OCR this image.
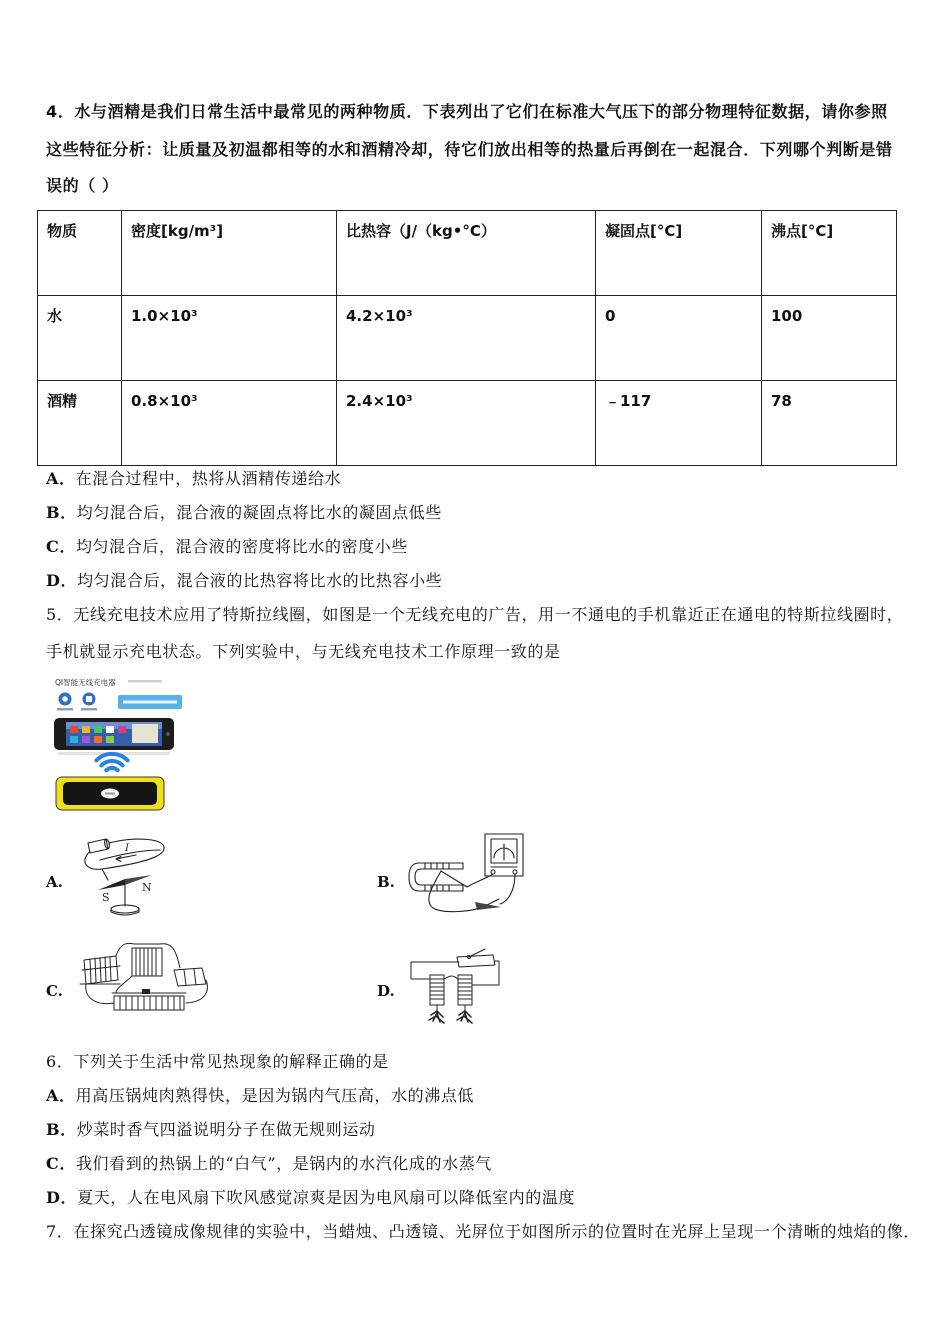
4．水与酒精是我们日常生活中最常见的两种物质．下表列出了它们在标准大气压下的部分物理特征数据，请你参照
这些特征分析：让质量及初温都相等的水和酒精冷却，待它们放出相等的热量后再倒在一起混合．下列哪个判断是错
误的（ ）
物质	密度[kg/m³]	比热容（J/（kg•°C）	凝固点[°C]	沸点[°C]
水	1.0×10³	4.2×10³	0	100
酒精	0.8×10³	2.4×10³	﹣117	78
A．在混合过程中，热将从酒精传递给水
B．均匀混合后，混合液的凝固点将比水的凝固点低些
C．均匀混合后，混合液的密度将比水的密度小些
D．均匀混合后，混合液的比热容将比水的比热容小些
5．无线充电技术应用了特斯拉线圈，如图是一个无线充电的广告，用一不通电的手机靠近正在通电的特斯拉线圈时，
手机就显示充电状态。下列实验中，与无线充电技术工作原理一致的是
QI智能无线充电器
A.
I
S
N	B.
C.	D.
6．下列关于生活中常见热现象的解释正确的是
A．用高压锅炖肉熟得快，是因为锅内气压高，水的沸点低
B．炒菜时香气四溢说明分子在做无规则运动
C．我们看到的热锅上的“白气”，是锅内的水汽化成的水蒸气
D．夏天，人在电风扇下吹风感觉凉爽是因为电风扇可以降低室内的温度
7．在探究凸透镜成像规律的实验中，当蜡烛、凸透镜、光屏位于如图所示的位置时在光屏上呈现一个清晰的烛焰的像．
